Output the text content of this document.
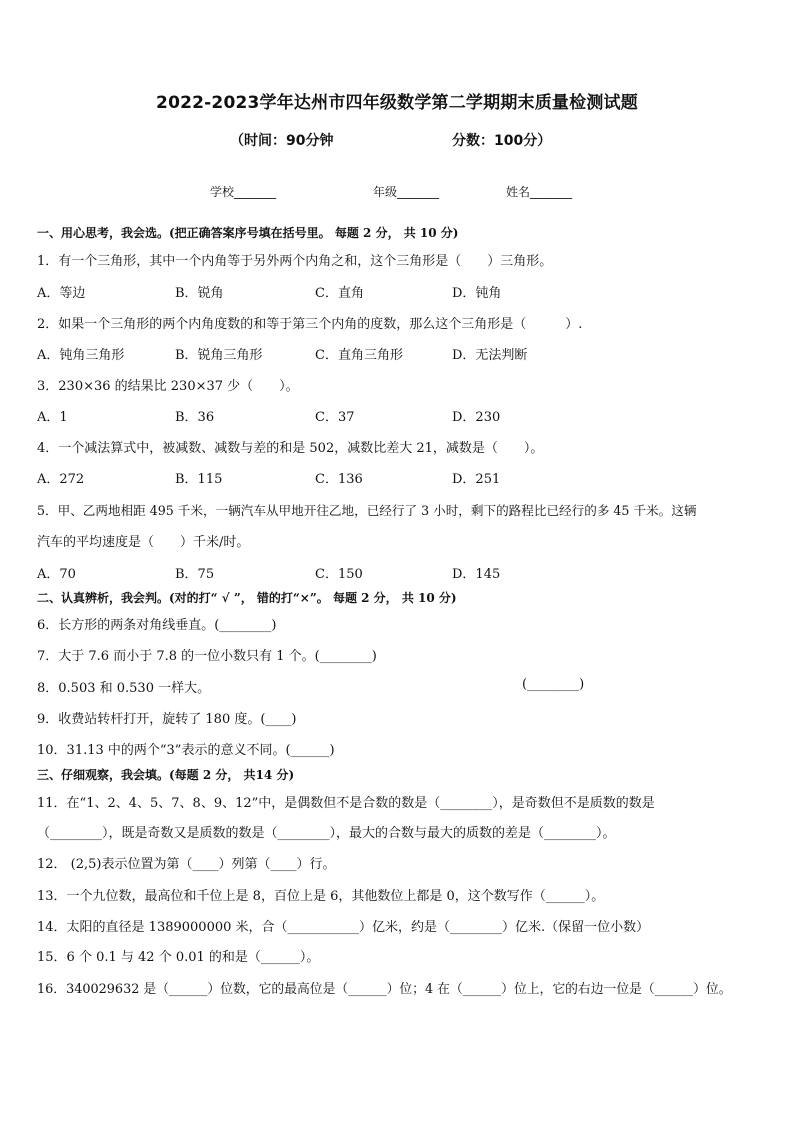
2022-2023学年达州市四年级数学第二学期期末质量检测试题
（时间：90分钟	分数：100分）
学校_______	年级_______	姓名_______
一、用心思考，我会选。(把正确答案序号填在括号里。 每题 2 分， 共 10 分)
1．有一个三角形，其中一个内角等于另外两个内角之和，这个三角形是（　　）三角形。
A．等边	B．锐角	C．直角	D．钝角
2．如果一个三角形的两个内角度数的和等于第三个内角的度数，那么这个三角形是（　　　）.
A．钝角三角形	B．锐角三角形	C．直角三角形	D．无法判断
3．230×36 的结果比 230×37 少（　　）。
A．1	B．36	C．37	D．230
4．一个减法算式中，被减数、减数与差的和是 502，减数比差大 21，减数是（　　）。
A．272	B．115	C．136	D．251
5．甲、乙两地相距 495 千米，一辆汽车从甲地开往乙地，已经行了 3 小时，剩下的路程比已经行的多 45 千米。这辆
汽车的平均速度是（　　）千米/时。
A．70	B．75	C．150	D．145
二、认真辨析，我会判。(对的打“ √ ”， 错的打“×”。 每题 2 分， 共 10 分)
6．长方形的两条对角线垂直。(________)
7．大于 7.6 而小于 7.8 的一位小数只有 1 个。(________)
8．0.503 和 0.530 一样大。	(________)
9．收费站转杆打开，旋转了 180 度。(____)
10．31.13 中的两个“3”表示的意义不同。(______)
三、仔细观察，我会填。(每题 2 分， 共14 分)
11．在“1、2、4、5、7、8、9、12”中，是偶数但不是合数的数是（________），是奇数但不是质数的数是
（________），既是奇数又是质数的数是（________），最大的合数与最大的质数的差是（________）。
12． (2,5)表示位置为第（____）列第（____）行。
13．一个九位数，最高位和千位上是 8，百位上是 6，其他数位上都是 0，这个数写作（______）。
14．太阳的直径是 1389000000 米，合（___________）亿米，约是（________）亿米.（保留一位小数）
15．6 个 0.1 与 42 个 0.01 的和是（______）。
16．340029632 是（______）位数，它的最高位是（______）位；4 在（______）位上，它的右边一位是（______）位。
